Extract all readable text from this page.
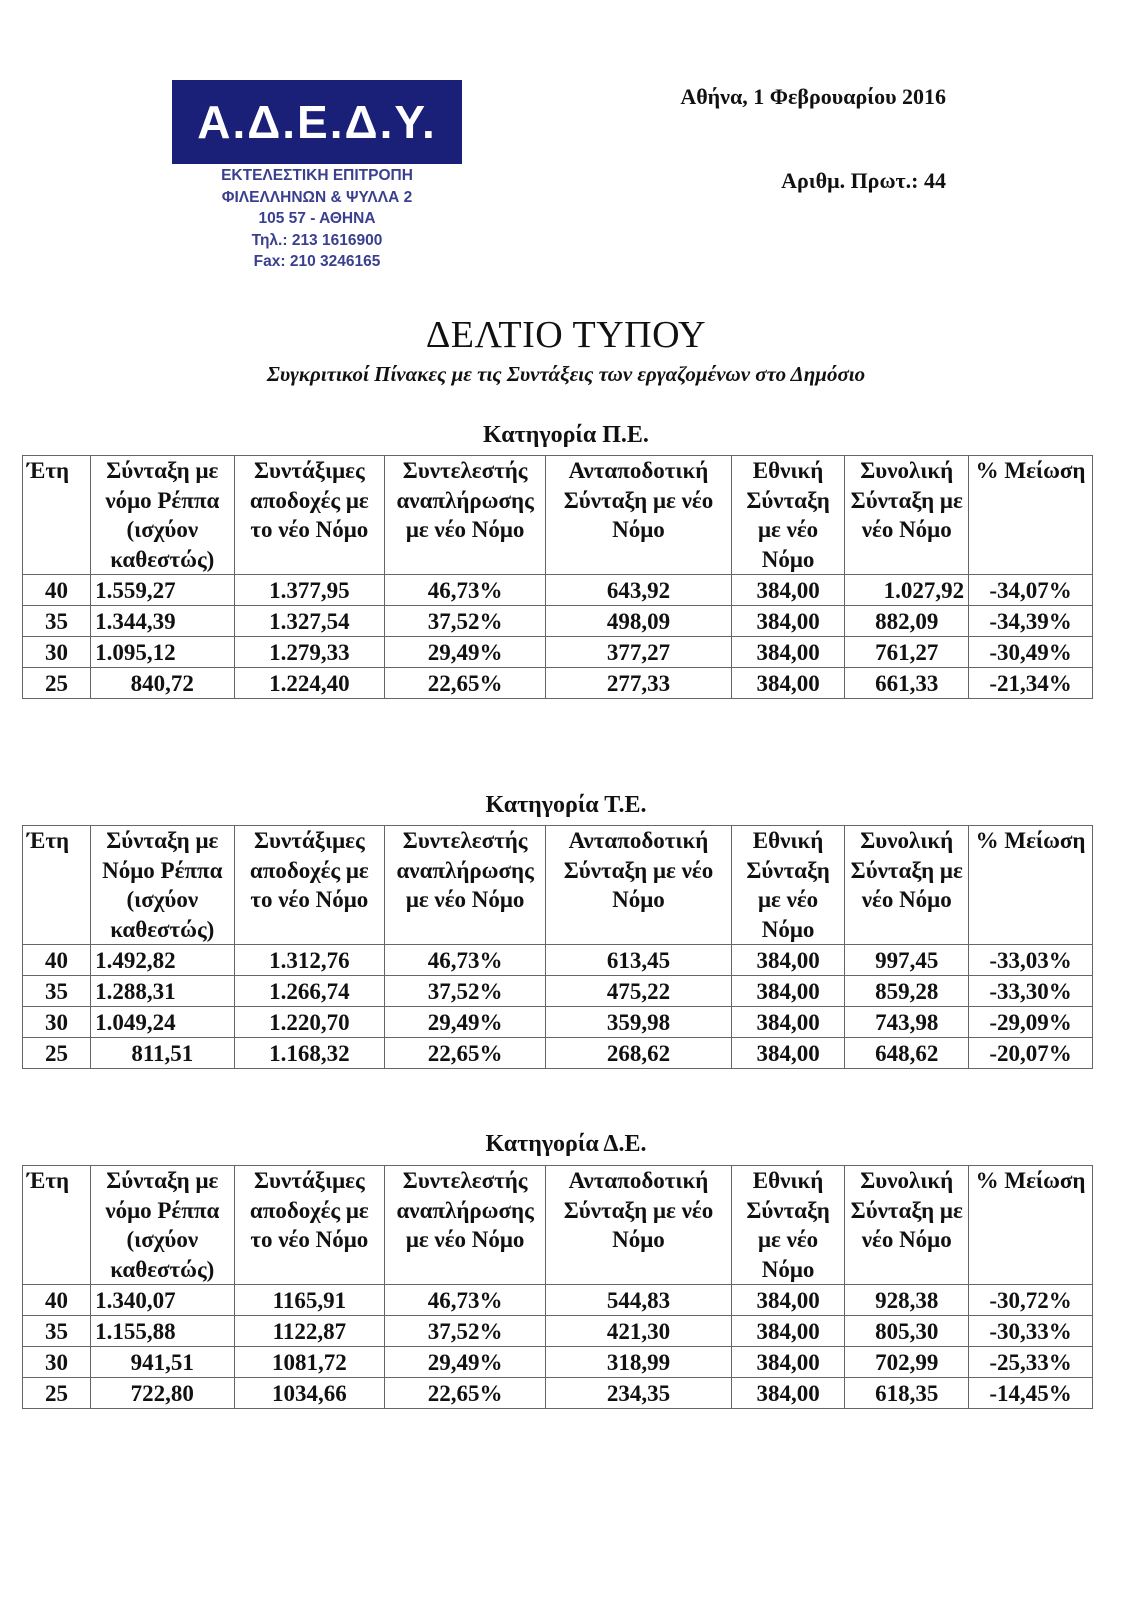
Α.Δ.Ε.Δ.Υ.
ΕΚΤΕΛΕΣΤΙΚΗ ΕΠΙΤΡΟΠΗ
ΦΙΛΕΛΛΗΝΩΝ & ΨΥΛΛΑ 2
105 57 - ΑΘΗΝΑ
Τηλ.: 213 1616900
Fax: 210 3246165
Αθήνα, 1 Φεβρουαρίου 2016
Αριθμ. Πρωτ.: 44
ΔΕΛΤΙΟ ΤΥΠΟΥ
Συγκριτικοί Πίνακες με τις Συντάξεις των εργαζομένων στο Δημόσιο
Κατηγορία Π.Ε.
Έτη	Σύνταξη με νόμο Ρέππα (ισχύον καθεστώς)	Συντάξιμες αποδοχές με το νέο Νόμο	Συντελεστής αναπλήρωσης με νέο Νόμο	Ανταποδοτική Σύνταξη με νέο Νόμο	Εθνική Σύνταξη με νέο Νόμο	Συνολική Σύνταξη με νέο Νόμο	% Μείωση
40	1.559,27	1.377,95	46,73%	643,92	384,00	1.027,92	-34,07%
35	1.344,39	1.327,54	37,52%	498,09	384,00	882,09	-34,39%
30	1.095,12	1.279,33	29,49%	377,27	384,00	761,27	-30,49%
25	840,72	1.224,40	22,65%	277,33	384,00	661,33	-21,34%
Κατηγορία Τ.Ε.
Έτη	Σύνταξη με Νόμο Ρέππα (ισχύον καθεστώς)	Συντάξιμες αποδοχές με το νέο Νόμο	Συντελεστής αναπλήρωσης με νέο Νόμο	Ανταποδοτική Σύνταξη με νέο Νόμο	Εθνική Σύνταξη με νέο Νόμο	Συνολική Σύνταξη με νέο Νόμο	% Μείωση
40	1.492,82	1.312,76	46,73%	613,45	384,00	997,45	-33,03%
35	1.288,31	1.266,74	37,52%	475,22	384,00	859,28	-33,30%
30	1.049,24	1.220,70	29,49%	359,98	384,00	743,98	-29,09%
25	811,51	1.168,32	22,65%	268,62	384,00	648,62	-20,07%
Κατηγορία Δ.Ε.
Έτη	Σύνταξη με νόμο Ρέππα (ισχύον καθεστώς)	Συντάξιμες αποδοχές με το νέο Νόμο	Συντελεστής αναπλήρωσης με νέο Νόμο	Ανταποδοτική Σύνταξη με νέο Νόμο	Εθνική Σύνταξη με νέο Νόμο	Συνολική Σύνταξη με νέο Νόμο	% Μείωση
40	1.340,07	1165,91	46,73%	544,83	384,00	928,38	-30,72%
35	1.155,88	1122,87	37,52%	421,30	384,00	805,30	-30,33%
30	941,51	1081,72	29,49%	318,99	384,00	702,99	-25,33%
25	722,80	1034,66	22,65%	234,35	384,00	618,35	-14,45%
